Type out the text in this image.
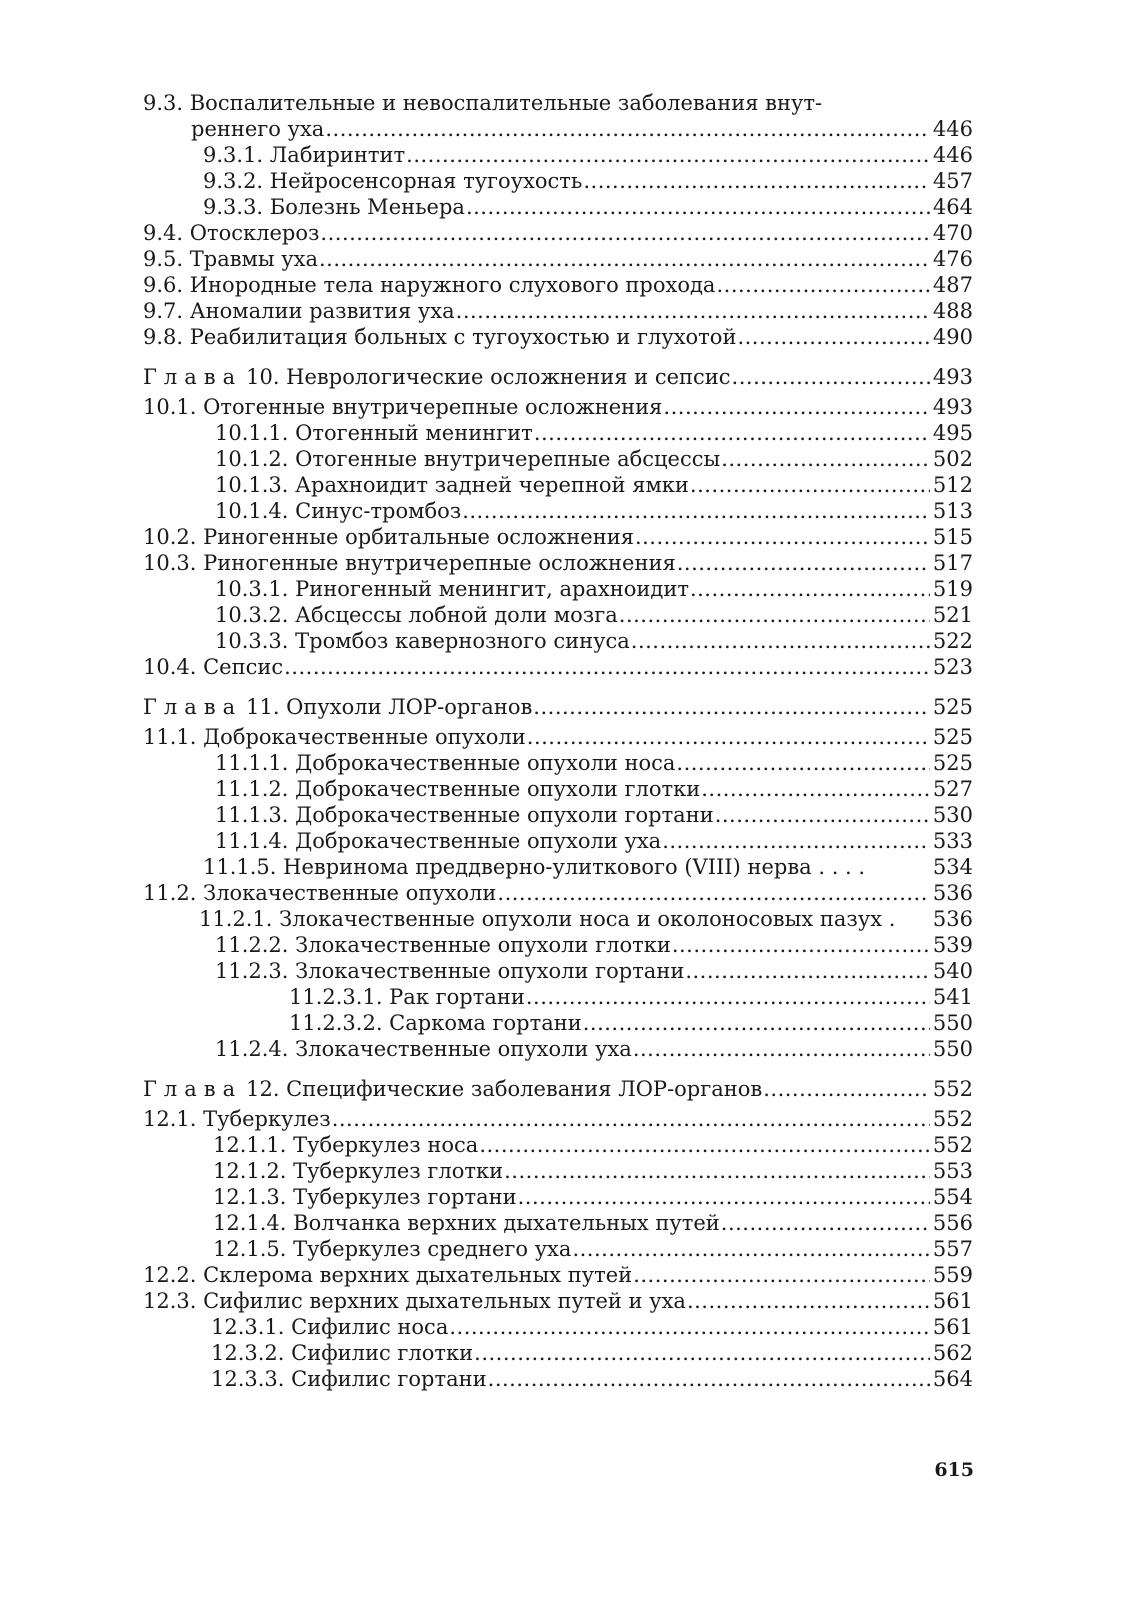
9.3. Воспалительные и невоспалительные заболевания внут-
реннего уха .....	446
9.3.1. Лабиринтит .....	446
9.3.2. Нейросенсорная тугоухость .....	457
9.3.3. Болезнь Меньера .....	464
9.4. Отосклероз .....	470
9.5. Травмы уха .....	476
9.6. Инородные тела наружного слухового прохода .....	487
9.7. Аномалии развития уха .....	488
9.8. Реабилитация больных с тугоухостью и глухотой .....	490
Глава 10. Неврологические осложнения и сепсис .....	493
10.1. Отогенные внутричерепные осложнения .....	493
10.1.1. Отогенный менингит .....	495
10.1.2. Отогенные внутричерепные абсцессы .....	502
10.1.3. Арахноидит задней черепной ямки .....	512
10.1.4. Синус-тромбоз .....	513
10.2. Риногенные орбитальные осложнения .....	515
10.3. Риногенные внутричерепные осложнения .....	517
10.3.1. Риногенный менингит, арахноидит .....	519
10.3.2. Абсцессы лобной доли мозга .....	521
10.3.3. Тромбоз кавернозного синуса .....	522
10.4. Сепсис .....	523
Глава 11. Опухоли ЛОР-органов .....	525
11.1. Доброкачественные опухоли .....	525
11.1.1. Доброкачественные опухоли носа .....	525
11.1.2. Доброкачественные опухоли глотки .....	527
11.1.3. Доброкачественные опухоли гортани .....	530
11.1.4. Доброкачественные опухоли уха .....	533
11.1.5. Невринома преддверно-улиткового (VIII) нерва . . . .	534
11.2. Злокачественные опухоли .....	536
11.2.1. Злокачественные опухоли носа и околоносовых пазух . 536
11.2.2. Злокачественные опухоли глотки .....	539
11.2.3. Злокачественные опухоли гортани .....	540
11.2.3.1. Рак гортани .....	541
11.2.3.2. Саркома гортани .....	550
11.2.4. Злокачественные опухоли уха .....	550
Глава 12. Специфические заболевания ЛОР-органов .....	552
12.1. Туберкулез .....	552
12.1.1. Туберкулез носа .....	552
12.1.2. Туберкулез глотки .....	553
12.1.3. Туберкулез гортани .....	554
12.1.4. Волчанка верхних дыхательных путей .....	556
12.1.5. Туберкулез среднего уха .....	557
12.2. Склерома верхних дыхательных путей .....	559
12.3. Сифилис верхних дыхательных путей и уха .....	561
12.3.1. Сифилис носа .....	561
12.3.2. Сифилис глотки .....	562
12.3.3. Сифилис гортани .....	564
615
